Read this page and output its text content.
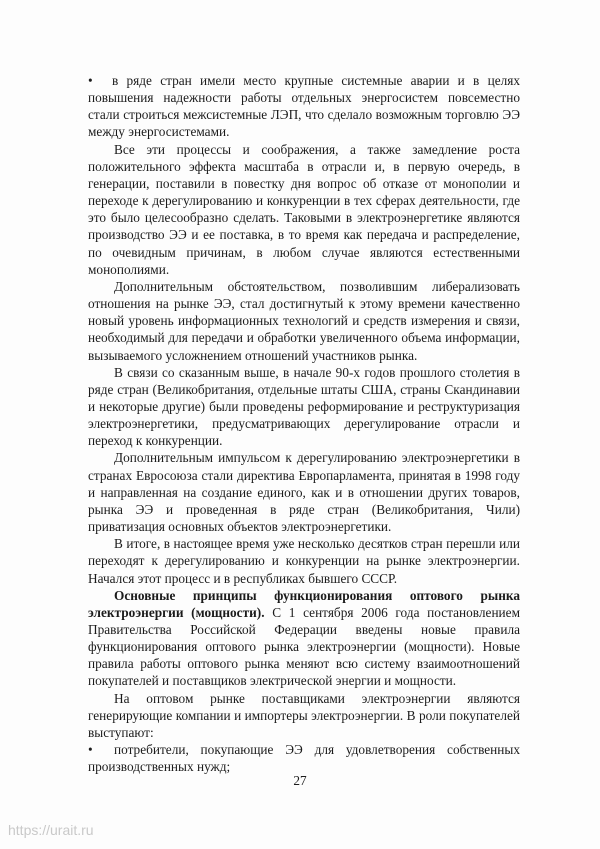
• в ряде стран имели место крупные системные аварии и в целях повышения надежности работы отдельных энергосистем повсеместно стали строиться межсистемные ЛЭП, что сделало возможным торговлю ЭЭ между энергосистемами.

Все эти процессы и соображения, а также замедление роста положительного эффекта масштаба в отрасли и, в первую очередь, в генерации, поставили в повестку дня вопрос об отказе от монополии и переходе к дерегулированию и конкуренции в тех сферах деятельности, где это было целесообразно сделать. Таковыми в электроэнергетике являются производство ЭЭ и ее поставка, в то время как передача и распределение, по очевидным причинам, в любом случае являются естественными монополиями.

Дополнительным обстоятельством, позволившим либерализовать отношения на рынке ЭЭ, стал достигнутый к этому времени качественно новый уровень информационных технологий и средств измерения и связи, необходимый для передачи и обработки увеличенного объема информации, вызываемого усложнением отношений участников рынка.

В связи со сказанным выше, в начале 90-х годов прошлого столетия в ряде стран (Великобритания, отдельные штаты США, страны Скандинавии и некоторые другие) были проведены реформирование и реструктуризация электроэнергетики, предусматривающих дерегулирование отрасли и переход к конкуренции.

Дополнительным импульсом к дерегулированию электроэнергетики в странах Евросоюза стали директива Европарламента, принятая в 1998 году и направленная на создание единого, как и в отношении других товаров, рынка ЭЭ и проведенная в ряде стран (Великобритания, Чили) приватизация основных объектов электроэнергетики.

В итоге, в настоящее время уже несколько десятков стран перешли или переходят к дерегулированию и конкуренции на рынке электроэнергии. Начался этот процесс и в республиках бывшего СССР.

Основные принципы функционирования оптового рынка электроэнергии (мощности). С 1 сентября 2006 года постановлением Правительства Российской Федерации введены новые правила функционирования оптового рынка электроэнергии (мощности). Новые правила работы оптового рынка меняют всю систему взаимоотношений покупателей и поставщиков электрической энергии и мощности.

На оптовом рынке поставщиками электроэнергии являются генерирующие компании и импортеры электроэнергии. В роли покупателей выступают:

• потребители, покупающие ЭЭ для удовлетворения собственных производственных нужд;

27
https://urait.ru
